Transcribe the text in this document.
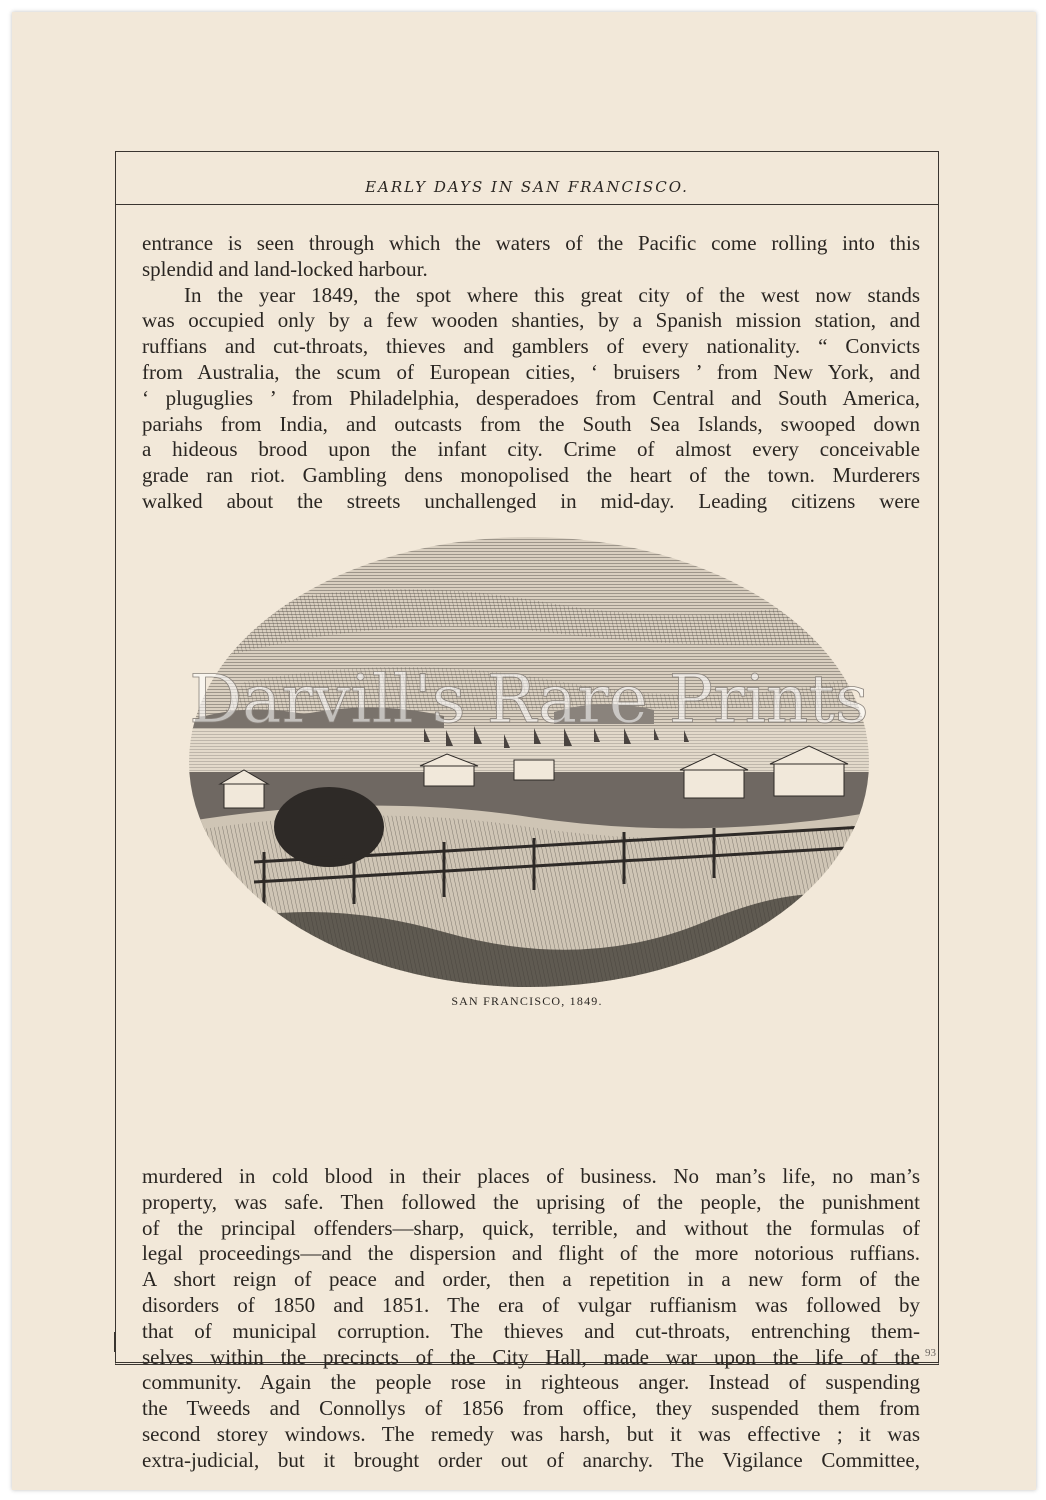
EARLY DAYS IN SAN FRANCISCO.

entrance is seen through which the waters of the Pacific come rolling into this
splendid and land-locked harbour.

In the year 1849, the spot where this great city of the west now stands
was occupied only by a few wooden shanties, by a Spanish mission station, and
ruffians and cut-throats, thieves and gamblers of every nationality. “ Convicts
from Australia, the scum of European cities, ‘ bruisers ’ from New York, and
‘ pluguglies ’ from Philadelphia, desperadoes from Central and South America,
pariahs from India, and outcasts from the South Sea Islands, swooped down
a hideous brood upon the infant city. Crime of almost every conceivable
grade ran riot. Gambling dens monopolised the heart of the town. Murderers
walked about the streets unchallenged in mid-day. Leading citizens were

Darvill's Rare Prints
SAN FRANCISCO, 1849.
murdered in cold blood in their places of business. No man’s life, no man’s
property, was safe. Then followed the uprising of the people, the punishment
of the principal offenders—sharp, quick, terrible, and without the formulas of
legal proceedings—and the dispersion and flight of the more notorious ruffians.
A short reign of peace and order, then a repetition in a new form of the
disorders of 1850 and 1851. The era of vulgar ruffianism was followed by
that of municipal corruption. The thieves and cut-throats, entrenching them-
selves within the precincts of the City Hall, made war upon the life of the
community. Again the people rose in righteous anger. Instead of suspending
the Tweeds and Connollys of 1856 from office, they suspended them from
second storey windows. The remedy was harsh, but it was effective ; it was
extra-judicial, but it brought order out of anarchy. The Vigilance Committee,
93
